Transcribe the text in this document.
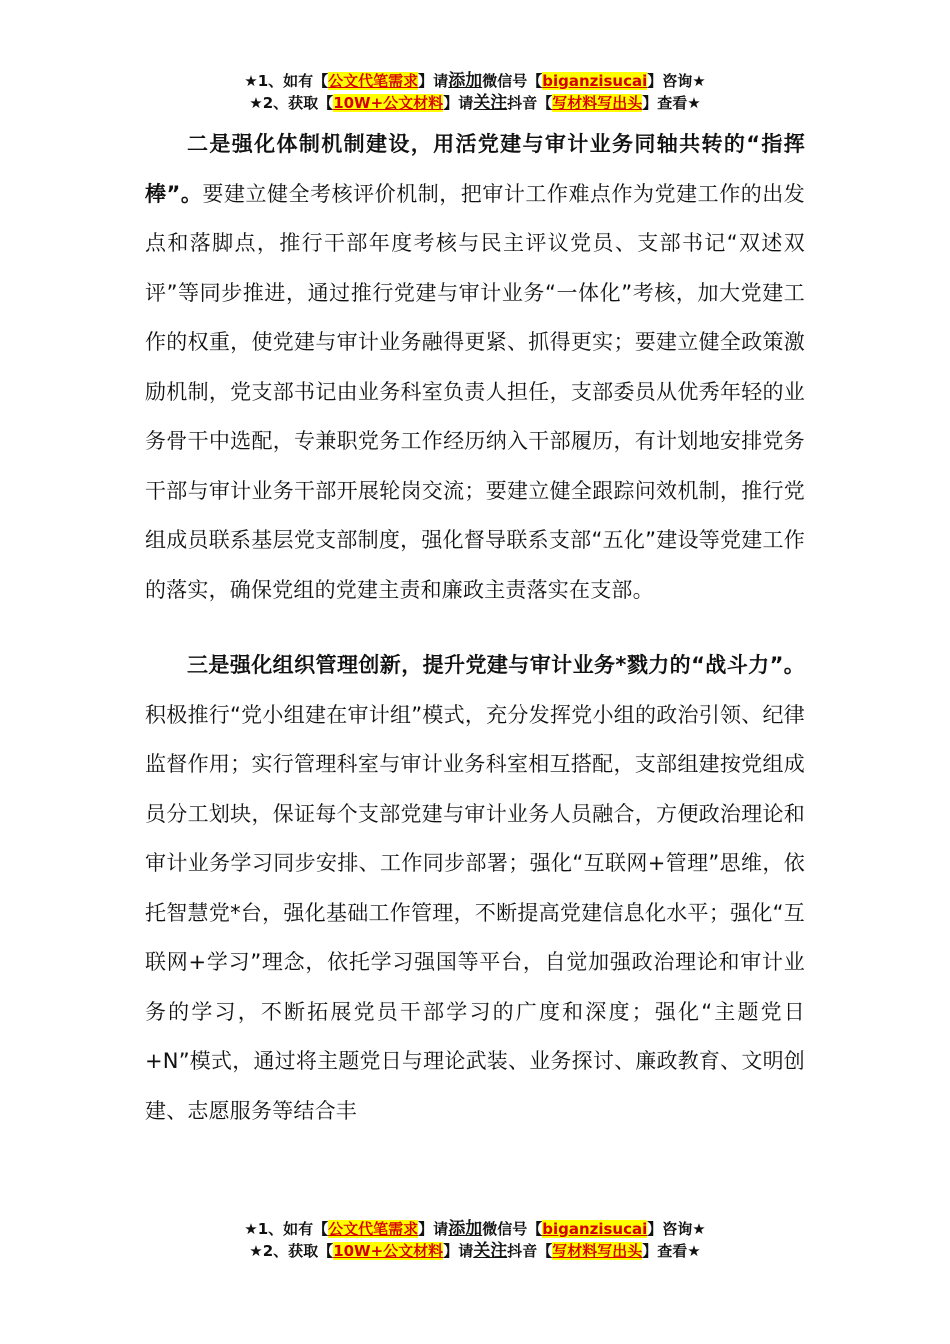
★1、如有【公文代笔需求】请添加微信号【biganzisucai】咨询★
★2、获取【10W+公文材料】请关注抖音【写材料写出头】查看★

二是强化体制机制建设，用活党建与审计业务同轴共转的“指挥棒”。要建立健全考核评价机制，把审计工作难点作为党建工作的出发点和落脚点，推行干部年度考核与民主评议党员、支部书记“双述双评”等同步推进，通过推行党建与审计业务“一体化”考核，加大党建工作的权重，使党建与审计业务融得更紧、抓得更实；要建立健全政策激励机制，党支部书记由业务科室负责人担任，支部委员从优秀年轻的业务骨干中选配，专兼职党务工作经历纳入干部履历，有计划地安排党务干部与审计业务干部开展轮岗交流；要建立健全跟踪问效机制，推行党组成员联系基层党支部制度，强化督导联系支部“五化”建设等党建工作的落实，确保党组的党建主责和廉政主责落实在支部。

三是强化组织管理创新，提升党建与审计业务*戮力的“战斗力”。积极推行“党小组建在审计组”模式，充分发挥党小组的政治引领、纪律监督作用；实行管理科室与审计业务科室相互搭配，支部组建按党组成员分工划块，保证每个支部党建与审计业务人员融合，方便政治理论和审计业务学习同步安排、工作同步部署；强化“互联网+管理”思维，依托智慧党*台，强化基础工作管理，不断提高党建信息化水平；强化“互联网+学习”理念，依托学习强国等平台，自觉加强政治理论和审计业务的学习，不断拓展党员干部学习的广度和深度；强化“主题党日+N”模式，通过将主题党日与理论武装、业务探讨、廉政教育、文明创建、志愿服务等结合丰

★1、如有【公文代笔需求】请添加微信号【biganzisucai】咨询★
★2、获取【10W+公文材料】请关注抖音【写材料写出头】查看★
